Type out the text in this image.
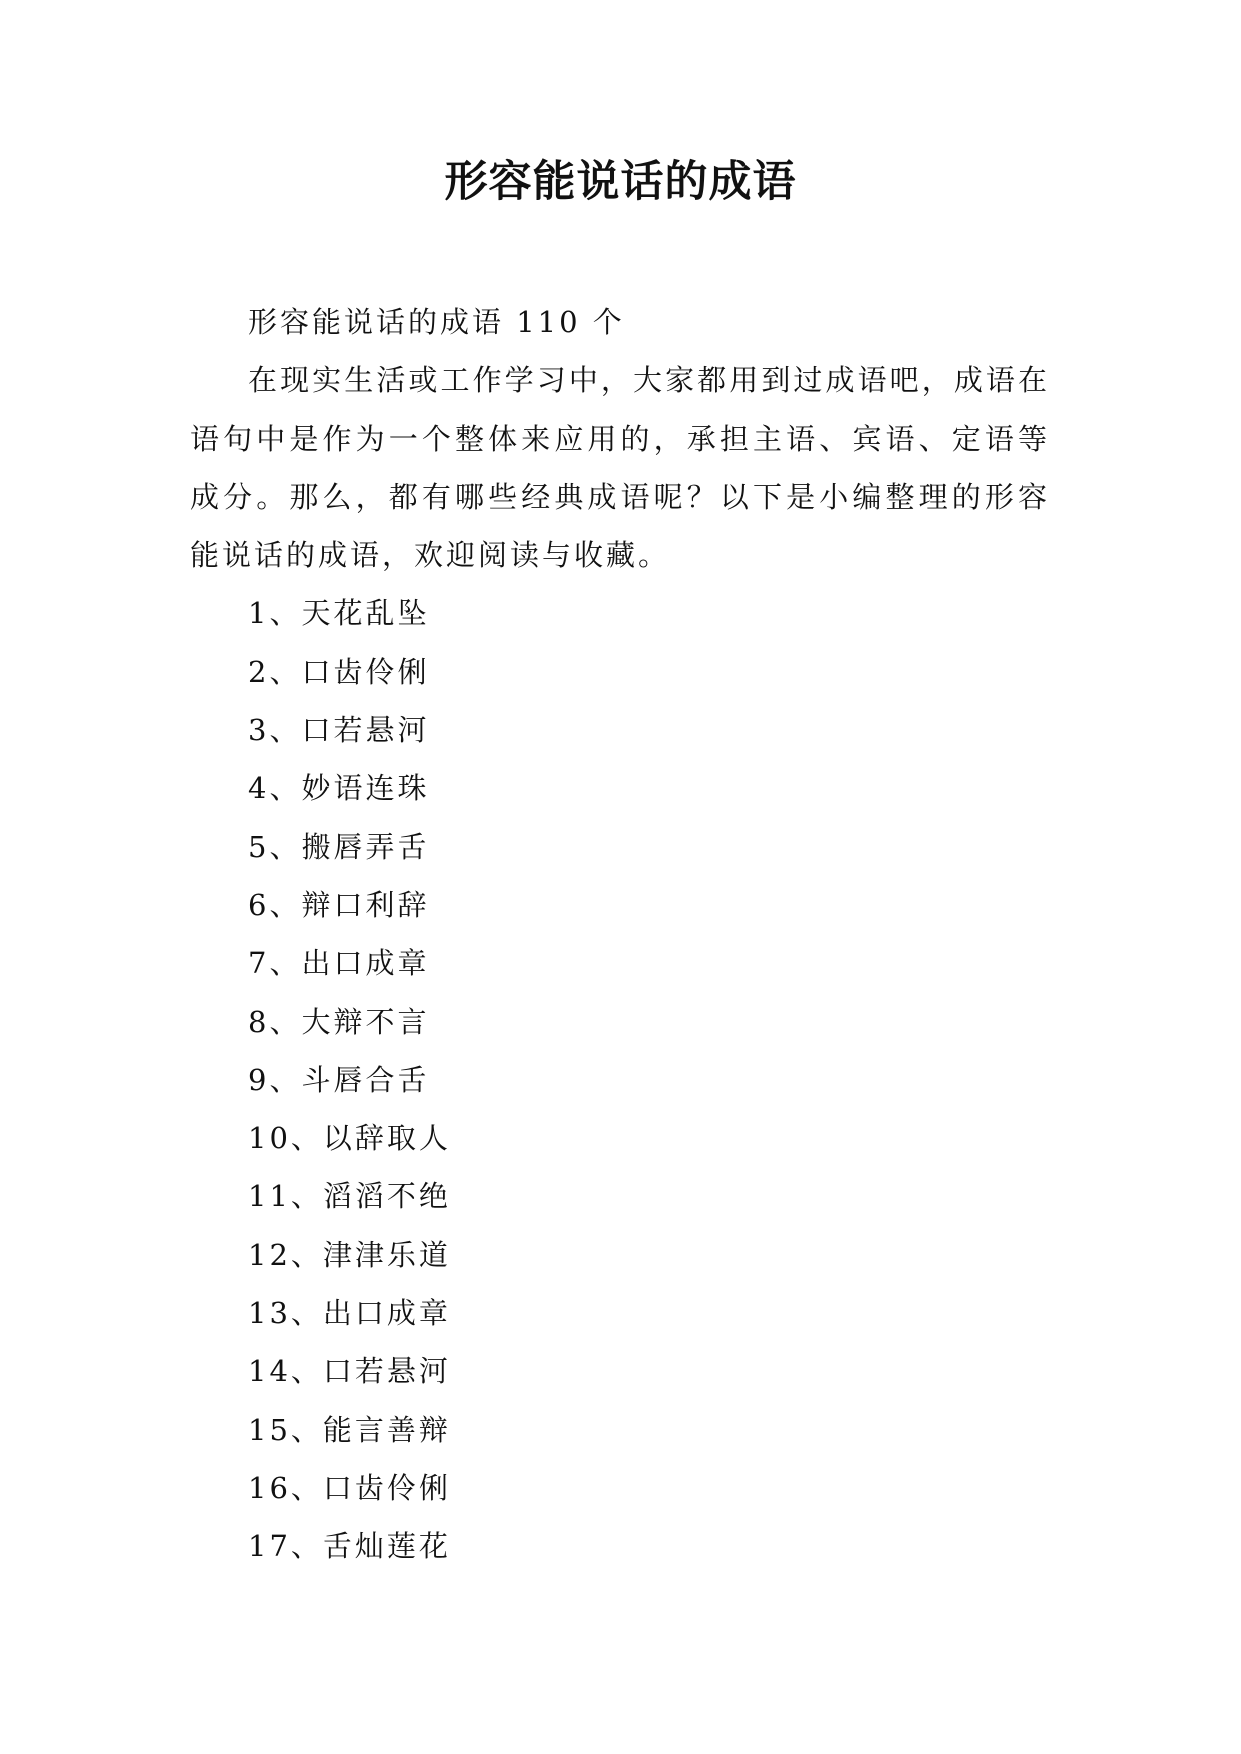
形容能说话的成语

形容能说话的成语 110 个

在现实生活或工作学习中，大家都用到过成语吧，成语在语句中是作为一个整体来应用的，承担主语、宾语、定语等成分。那么，都有哪些经典成语呢？以下是小编整理的形容能说话的成语，欢迎阅读与收藏。

1、天花乱坠
2、口齿伶俐
3、口若悬河
4、妙语连珠
5、搬唇弄舌
6、辩口利辞
7、出口成章
8、大辩不言
9、斗唇合舌
10、以辞取人
11、滔滔不绝
12、津津乐道
13、出口成章
14、口若悬河
15、能言善辩
16、口齿伶俐
17、舌灿莲花
